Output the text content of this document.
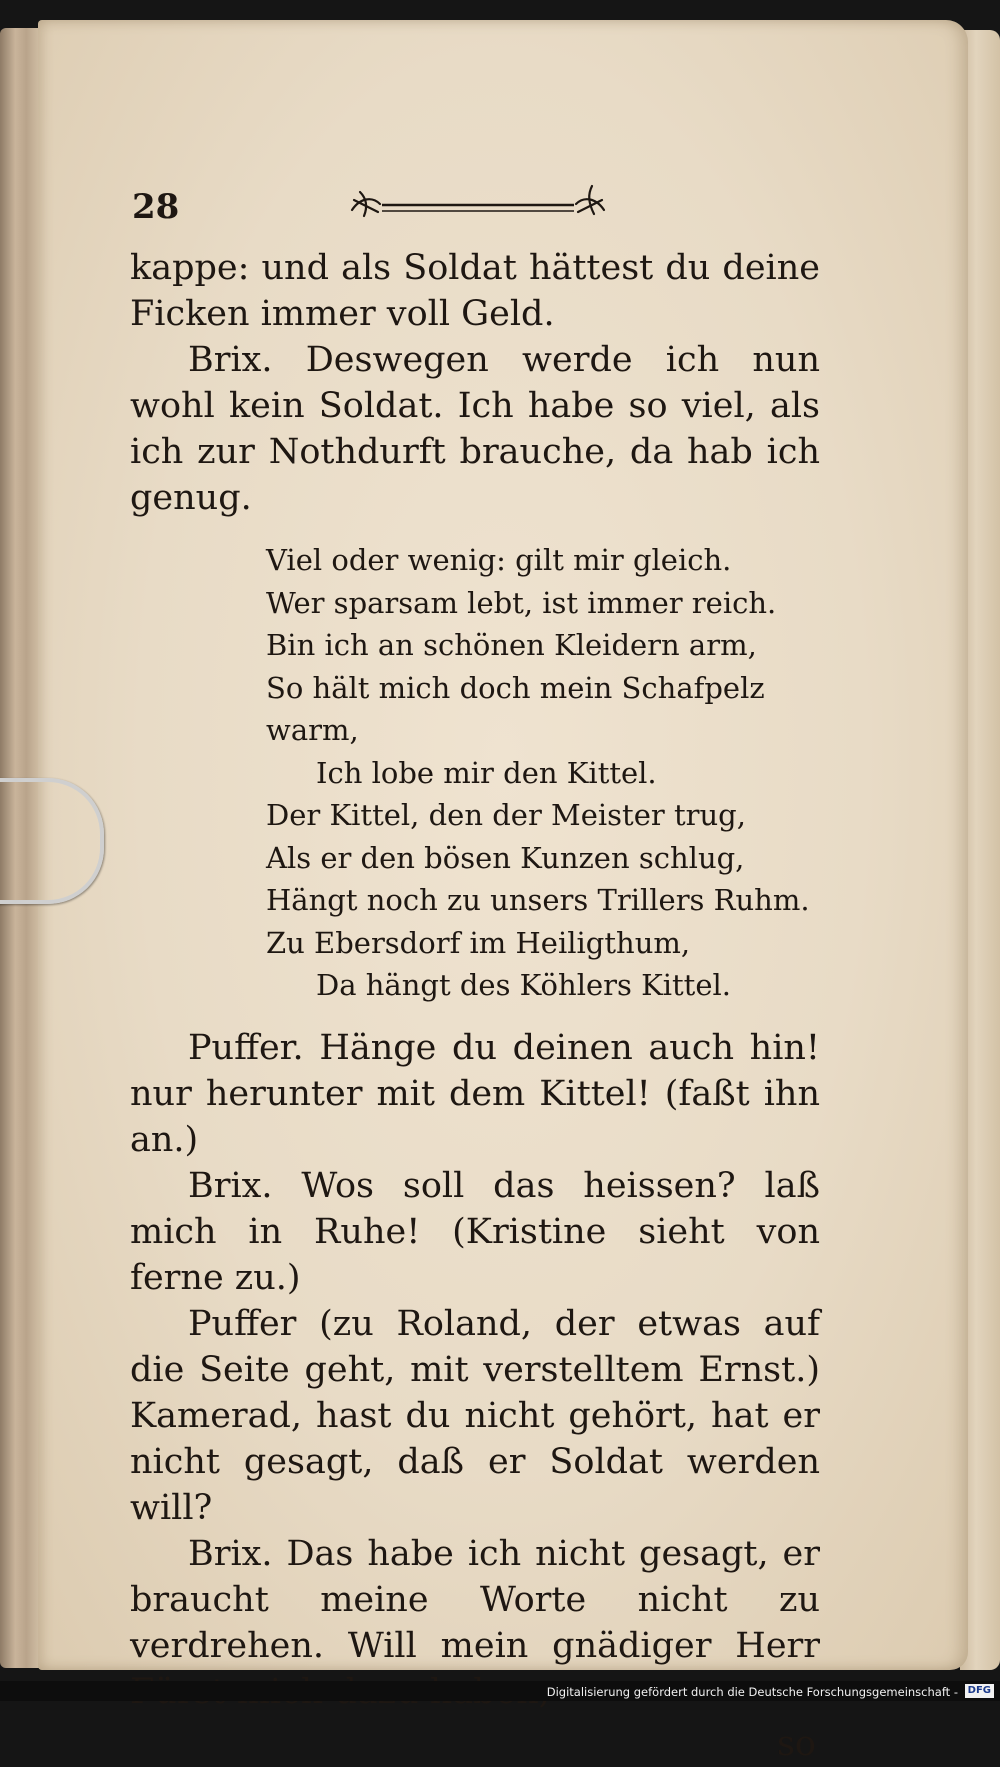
28

kappe: und als Soldat hättest du deine Ficken immer voll Geld.

Brix. Deswegen werde ich nun wohl kein Soldat. Ich habe so viel, als ich zur Nothdurft brauche, da hab ich genug.

Viel oder wenig: gilt mir gleich.

Wer sparsam lebt, ist immer reich.

Bin ich an schönen Kleidern arm,

So hält mich doch mein Schafpelz warm,

Ich lobe mir den Kittel.

Der Kittel, den der Meister trug,

Als er den bösen Kunzen schlug,

Hängt noch zu unsers Trillers Ruhm.

Zu Ebersdorf im Heiligthum,

Da hängt des Köhlers Kittel.

Puffer. Hänge du deinen auch hin! nur herunter mit dem Kittel! (faßt ihn an.)

Brix. Wos soll das heissen? laß mich in Ruhe! (Kristine sieht von ferne zu.)

Puffer (zu Roland, der etwas auf die Seite geht, mit verstelltem Ernst.) Kamerad, hast du nicht gehört, hat er nicht gesagt, daß er Soldat werden will?

Brix. Das habe ich nicht gesagt, er braucht meine Worte nicht zu verdrehen. Will mein gnädiger Herr

so
Digitalisierung gefördert durch die Deutsche Forschungsgemeinschaft - DFG
